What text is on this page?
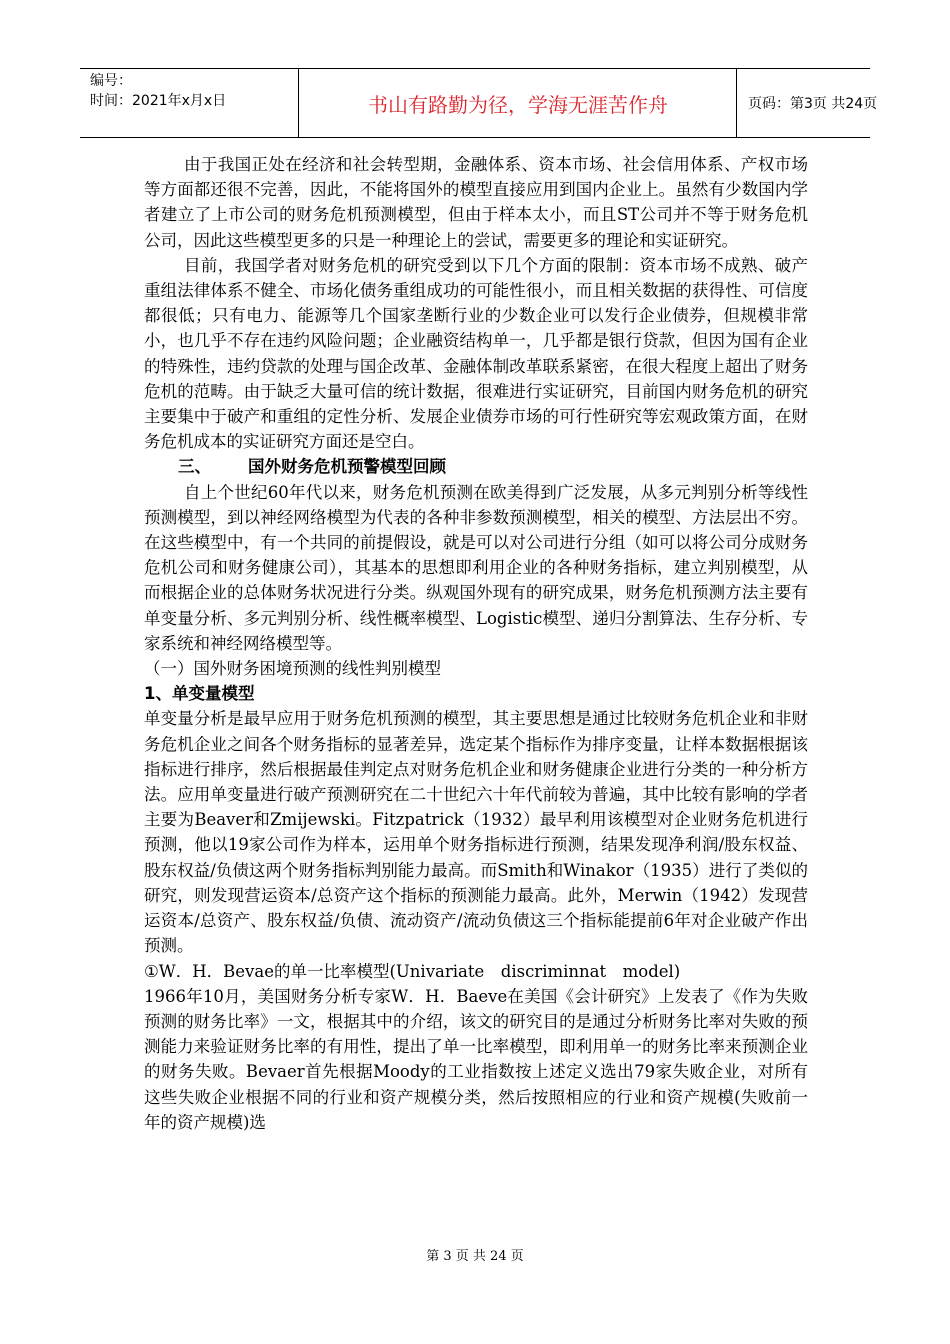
编号：
时间：2021年x月x日	书山有路勤为径，学海无涯苦作舟	页码：第3页 共24页

由于我国正处在经济和社会转型期，金融体系、资本市场、社会信用体系、产权市场等方面都还很不完善，因此，不能将国外的模型直接应用到国内企业上。虽然有少数国内学者建立了上市公司的财务危机预测模型，但由于样本太小，而且ST公司并不等于财务危机公司，因此这些模型更多的只是一种理论上的尝试，需要更多的理论和实证研究。

目前，我国学者对财务危机的研究受到以下几个方面的限制：资本市场不成熟、破产重组法律体系不健全、市场化债务重组成功的可能性很小，而且相关数据的获得性、可信度都很低；只有电力、能源等几个国家垄断行业的少数企业可以发行企业债券，但规模非常小，也几乎不存在违约风险问题；企业融资结构单一，几乎都是银行贷款，但因为国有企业的特殊性，违约贷款的处理与国企改革、金融体制改革联系紧密，在很大程度上超出了财务危机的范畴。由于缺乏大量可信的统计数据，很难进行实证研究，目前国内财务危机的研究主要集中于破产和重组的定性分析、发展企业债券市场的可行性研究等宏观政策方面，在财务危机成本的实证研究方面还是空白。

三、 国外财务危机预警模型回顾

自上个世纪60年代以来，财务危机预测在欧美得到广泛发展，从多元判别分析等线性预测模型，到以神经网络模型为代表的各种非参数预测模型，相关的模型、方法层出不穷。在这些模型中，有一个共同的前提假设，就是可以对公司进行分组（如可以将公司分成财务危机公司和财务健康公司），其基本的思想即利用企业的各种财务指标，建立判别模型，从而根据企业的总体财务状况进行分类。纵观国外现有的研究成果，财务危机预测方法主要有单变量分析、多元判别分析、线性概率模型、Logistic模型、递归分割算法、生存分析、专家系统和神经网络模型等。

（一）国外财务困境预测的线性判别模型

1、单变量模型

单变量分析是最早应用于财务危机预测的模型，其主要思想是通过比较财务危机企业和非财务危机企业之间各个财务指标的显著差异，选定某个指标作为排序变量，让样本数据根据该指标进行排序，然后根据最佳判定点对财务危机企业和财务健康企业进行分类的一种分析方法。应用单变量进行破产预测研究在二十世纪六十年代前较为普遍，其中比较有影响的学者主要为Beaver和Zmijewski。Fitzpatrick（1932）最早利用该模型对企业财务危机进行预测，他以19家公司作为样本，运用单个财务指标进行预测，结果发现净利润/股东权益、股东权益/负债这两个财务指标判别能力最高。而Smith和Winakor（1935）进行了类似的研究，则发现营运资本/总资产这个指标的预测能力最高。此外，Merwin（1942）发现营运资本/总资产、股东权益/负债、流动资产/流动负债这三个指标能提前6年对企业破产作出预测。

①W．H．Bevae的单一比率模型(Univariate　discriminnat　model)

1966年10月，美国财务分析专家W．H．Baeve在美国《会计研究》上发表了《作为失败预测的财务比率》一文，根据其中的介绍，该文的研究目的是通过分析财务比率对失败的预测能力来验证财务比率的有用性，提出了单一比率模型，即利用单一的财务比率来预测企业的财务失败。Bevaer首先根据Moody的工业指数按上述定义选出79家失败企业，对所有这些失败企业根据不同的行业和资产规模分类，然后按照相应的行业和资产规模(失败前一年的资产规模)选

第 3 页 共 24 页
